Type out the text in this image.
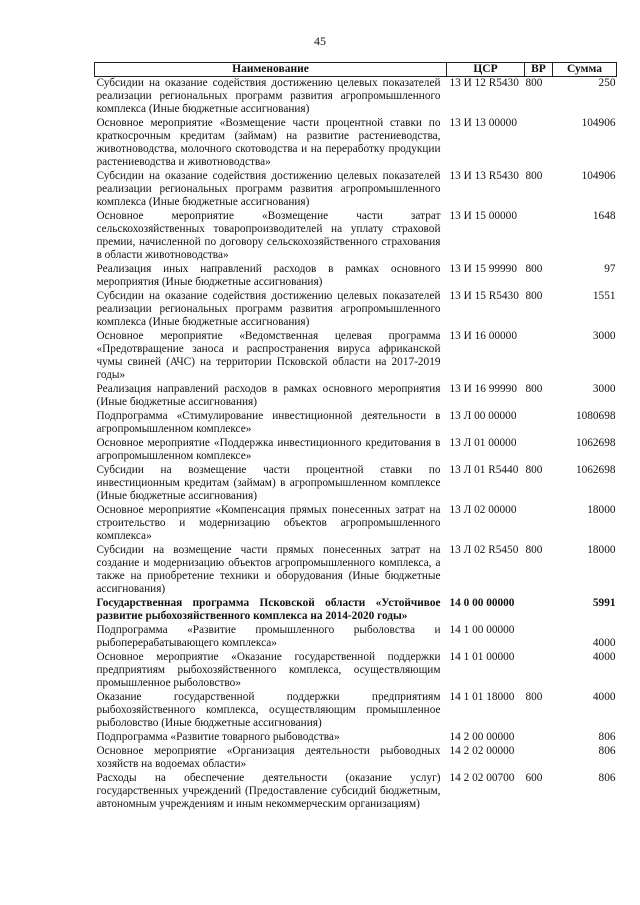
45
Наименование	ЦСР	ВР	Сумма
Субсидии на оказание содействия достижению целевых показателей реализации региональных программ развития агропромышленного комплекса (Иные бюджетные ассигнования)	13 И 12 R5430	800	250
Основное мероприятие «Возмещение части процентной ставки по краткосрочным кредитам (займам) на развитие растениеводства, животноводства, молочного скотоводства и на переработку продукции растениеводства и животноводства»	13 И 13 00000		104906
Субсидии на оказание содействия достижению целевых показателей реализации региональных программ развития агропромышленного комплекса (Иные бюджетные ассигнования)	13 И 13 R5430	800	104906
Основное мероприятие «Возмещение части затрат сельскохозяйственных товаропроизводителей на уплату страховой премии, начисленной по договору сельскохозяйственного страхования в области животноводства»	13 И 15 00000		1648
Реализация иных направлений расходов в рамках основного мероприятия (Иные бюджетные ассигнования)	13 И 15 99990	800	97
Субсидии на оказание содействия достижению целевых показателей реализации региональных программ развития агропромышленного комплекса (Иные бюджетные ассигнования)	13 И 15 R5430	800	1551
Основное мероприятие «Ведомственная целевая программа «Предотвращение заноса и распространения вируса африканской чумы свиней (АЧС) на территории Псковской области на 2017-2019 годы»	13 И 16 00000		3000
Реализация направлений расходов в рамках основного мероприятия (Иные бюджетные ассигнования)	13 И 16 99990	800	3000
Подпрограмма «Стимулирование инвестиционной деятельности в агропромышленном комплексе»	13 Л 00 00000		1080698
Основное мероприятие «Поддержка инвестиционного кредитования в агропромышленном комплексе»	13 Л 01 00000		1062698
Субсидии на возмещение части процентной ставки по инвестиционным кредитам (займам) в агропромышленном комплексе (Иные бюджетные ассигнования)	13 Л 01 R5440	800	1062698
Основное мероприятие «Компенсация прямых понесенных затрат на строительство и модернизацию объектов агропромышленного комплекса»	13 Л 02 00000		18000
Субсидии на возмещение части прямых понесенных затрат на создание и модернизацию объектов агропромышленного комплекса, а также на приобретение техники и оборудования (Иные бюджетные ассигнования)	13 Л 02 R5450	800	18000
Государственная программа Псковской области «Устойчивое развитие рыбохозяйственного комплекса на 2014-2020 годы»	14 0 00 00000		5991
Подпрограмма «Развитие промышленного рыболовства и рыбоперерабатывающего комплекса»	14 1 00 00000		4000
Основное мероприятие «Оказание государственной поддержки предприятиям рыбохозяйственного комплекса, осуществляющим промышленное рыболовство»	14 1 01 00000		4000
Оказание государственной поддержки предприятиям рыбохозяйственного комплекса, осуществляющим промышленное рыболовство (Иные бюджетные ассигнования)	14 1 01 18000	800	4000
Подпрограмма «Развитие товарного рыбоводства»	14 2 00 00000		806
Основное мероприятие «Организация деятельности рыбоводных хозяйств на водоемах области»	14 2 02 00000		806
Расходы на обеспечение деятельности (оказание услуг) государственных учреждений (Предоставление субсидий бюджетным, автономным учреждениям и иным некоммерческим организациям)	14 2 02 00700	600	806
